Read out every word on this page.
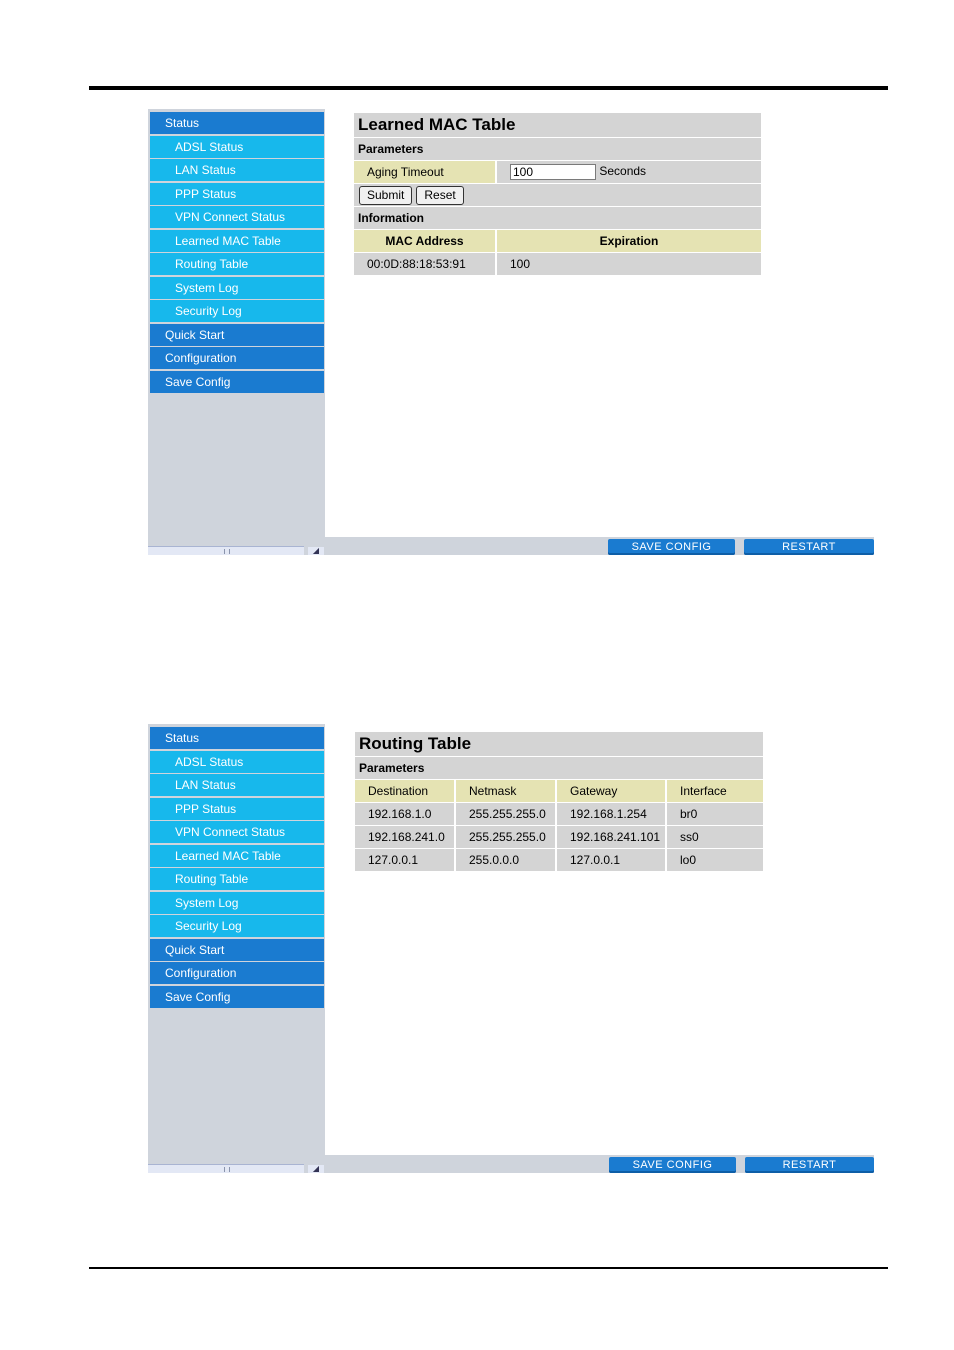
Status
ADSL Status
LAN Status
PPP Status
VPN Connect Status
Learned MAC Table
Routing Table
System Log
Security Log
Quick Start
Configuration
Save Config
◢
Learned MAC Table	
Parameters	
Aging Timeout	100Seconds
Submit Reset	
Information	
MAC Address	Expiration
00:0D:88:18:53:91	100
SAVE CONFIG	RESTART
Status
ADSL Status
LAN Status
PPP Status
VPN Connect Status
Learned MAC Table
Routing Table
System Log
Security Log
Quick Start
Configuration
Save Config
◢
Routing Table			
Parameters			
Destination	Netmask	Gateway	Interface
192.168.1.0	255.255.255.0	192.168.1.254	br0
192.168.241.0	255.255.255.0	192.168.241.101	ss0
127.0.0.1	255.0.0.0	127.0.0.1	lo0
SAVE CONFIG	RESTART
